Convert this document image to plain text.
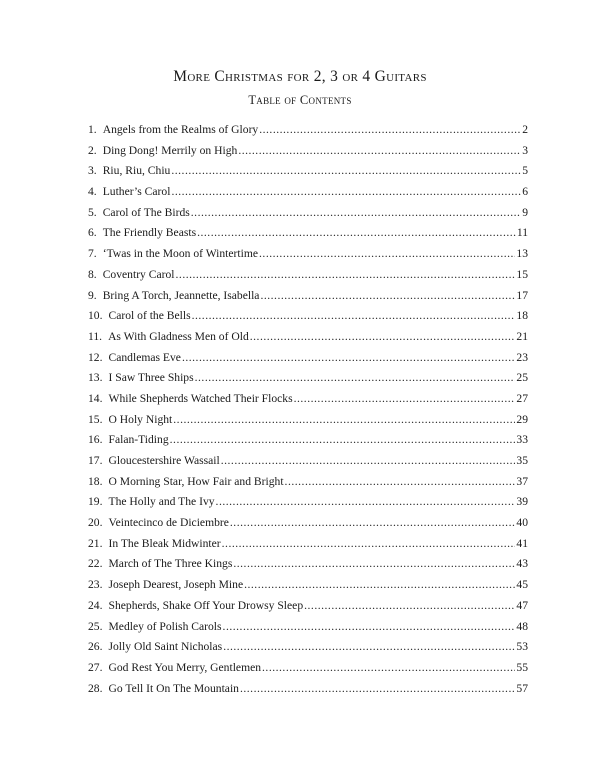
More Christmas for 2, 3 or 4 Guitars
Table of Contents
1. Angels from the Realms of Glory .....	2
2. Ding Dong! Merrily on High .....	3
3. Riu, Riu, Chiu .....	5
4. Luther’s Carol .....	6
5. Carol of The Birds .....	9
6. The Friendly Beasts .....	11
7. ‘Twas in the Moon of Wintertime .....	13
8. Coventry Carol .....	15
9. Bring A Torch, Jeannette, Isabella .....	17
10. Carol of the Bells .....	18
11. As With Gladness Men of Old .....	21
12. Candlemas Eve .....	23
13. I Saw Three Ships .....	25
14. While Shepherds Watched Their Flocks .....	27
15. O Holy Night .....	29
16. Falan-Tiding .....	33
17. Gloucestershire Wassail .....	35
18. O Morning Star, How Fair and Bright .....	37
19. The Holly and The Ivy .....	39
20. Veintecinco de Diciembre .....	40
21. In The Bleak Midwinter .....	41
22. March of The Three Kings .....	43
23. Joseph Dearest, Joseph Mine .....	45
24. Shepherds, Shake Off Your Drowsy Sleep .....	47
25. Medley of Polish Carols .....	48
26. Jolly Old Saint Nicholas .....	53
27. God Rest You Merry, Gentlemen .....	55
28. Go Tell It On The Mountain .....	57
